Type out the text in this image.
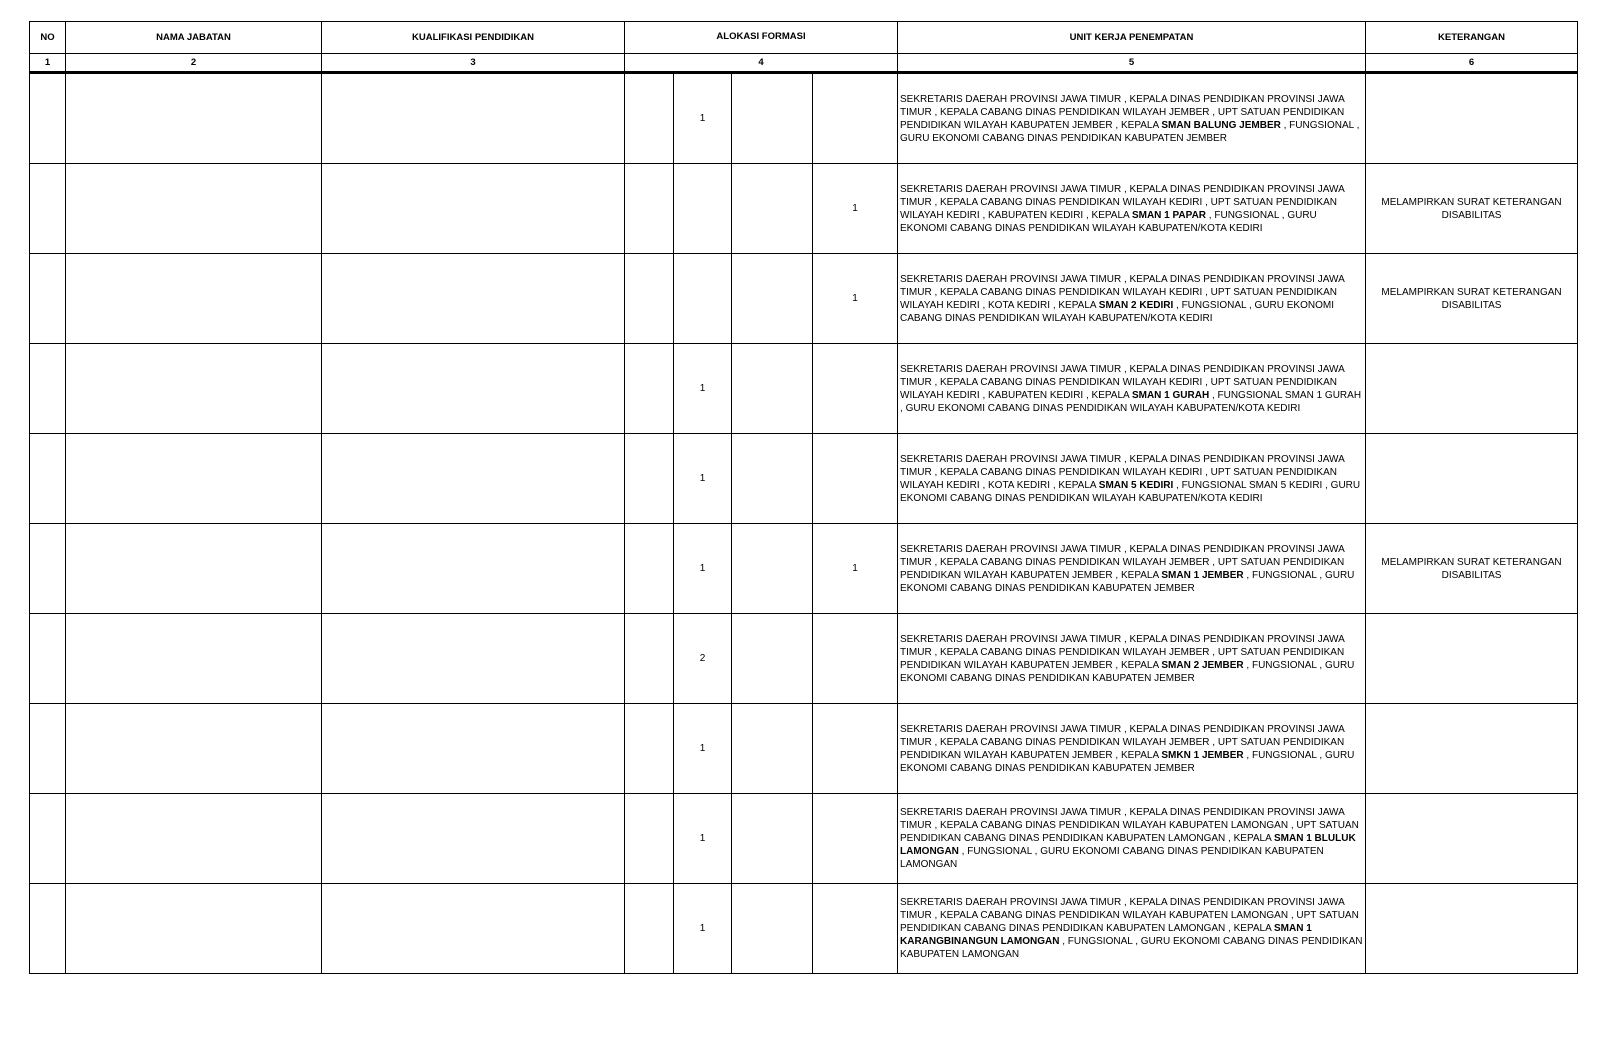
NO	NAMA JABATAN	KUALIFIKASI PENDIDIKAN	ALOKASI FORMASI				UNIT KERJA PENEMPATAN	KETERANGAN
1	2	3	4				5	6
				1			SEKRETARIS DAERAH PROVINSI JAWA TIMUR , KEPALA DINAS PENDIDIKAN PROVINSI JAWA TIMUR , KEPALA CABANG DINAS PENDIDIKAN WILAYAH JEMBER , UPT SATUAN PENDIDIKAN PENDIDIKAN WILAYAH KABUPATEN JEMBER , KEPALA SMAN BALUNG JEMBER , FUNGSIONAL , GURU EKONOMI CABANG DINAS PENDIDIKAN KABUPATEN JEMBER	
						1	SEKRETARIS DAERAH PROVINSI JAWA TIMUR , KEPALA DINAS PENDIDIKAN PROVINSI JAWA TIMUR , KEPALA CABANG DINAS PENDIDIKAN WILAYAH KEDIRI , UPT SATUAN PENDIDIKAN WILAYAH KEDIRI , KABUPATEN KEDIRI , KEPALA SMAN 1 PAPAR , FUNGSIONAL , GURU EKONOMI CABANG DINAS PENDIDIKAN WILAYAH KABUPATEN/KOTA KEDIRI	MELAMPIRKAN SURAT KETERANGAN DISABILITAS
						1	SEKRETARIS DAERAH PROVINSI JAWA TIMUR , KEPALA DINAS PENDIDIKAN PROVINSI JAWA TIMUR , KEPALA CABANG DINAS PENDIDIKAN WILAYAH KEDIRI , UPT SATUAN PENDIDIKAN WILAYAH KEDIRI , KOTA KEDIRI , KEPALA SMAN 2 KEDIRI , FUNGSIONAL , GURU EKONOMI CABANG DINAS PENDIDIKAN WILAYAH KABUPATEN/KOTA KEDIRI	MELAMPIRKAN SURAT KETERANGAN DISABILITAS
				1			SEKRETARIS DAERAH PROVINSI JAWA TIMUR , KEPALA DINAS PENDIDIKAN PROVINSI JAWA TIMUR , KEPALA CABANG DINAS PENDIDIKAN WILAYAH KEDIRI , UPT SATUAN PENDIDIKAN WILAYAH KEDIRI , KABUPATEN KEDIRI , KEPALA SMAN 1 GURAH , FUNGSIONAL SMAN 1 GURAH , GURU EKONOMI CABANG DINAS PENDIDIKAN WILAYAH KABUPATEN/KOTA KEDIRI	
				1			SEKRETARIS DAERAH PROVINSI JAWA TIMUR , KEPALA DINAS PENDIDIKAN PROVINSI JAWA TIMUR , KEPALA CABANG DINAS PENDIDIKAN WILAYAH KEDIRI , UPT SATUAN PENDIDIKAN WILAYAH KEDIRI , KOTA KEDIRI , KEPALA SMAN 5 KEDIRI , FUNGSIONAL SMAN 5 KEDIRI , GURU EKONOMI CABANG DINAS PENDIDIKAN WILAYAH KABUPATEN/KOTA KEDIRI	
				1		1	SEKRETARIS DAERAH PROVINSI JAWA TIMUR , KEPALA DINAS PENDIDIKAN PROVINSI JAWA TIMUR , KEPALA CABANG DINAS PENDIDIKAN WILAYAH JEMBER , UPT SATUAN PENDIDIKAN PENDIDIKAN WILAYAH KABUPATEN JEMBER , KEPALA SMAN 1 JEMBER , FUNGSIONAL , GURU EKONOMI CABANG DINAS PENDIDIKAN KABUPATEN JEMBER	MELAMPIRKAN SURAT KETERANGAN DISABILITAS
				2			SEKRETARIS DAERAH PROVINSI JAWA TIMUR , KEPALA DINAS PENDIDIKAN PROVINSI JAWA TIMUR , KEPALA CABANG DINAS PENDIDIKAN WILAYAH JEMBER , UPT SATUAN PENDIDIKAN PENDIDIKAN WILAYAH KABUPATEN JEMBER , KEPALA SMAN 2 JEMBER , FUNGSIONAL , GURU EKONOMI CABANG DINAS PENDIDIKAN KABUPATEN JEMBER	
				1			SEKRETARIS DAERAH PROVINSI JAWA TIMUR , KEPALA DINAS PENDIDIKAN PROVINSI JAWA TIMUR , KEPALA CABANG DINAS PENDIDIKAN WILAYAH JEMBER , UPT SATUAN PENDIDIKAN PENDIDIKAN WILAYAH KABUPATEN JEMBER , KEPALA SMKN 1 JEMBER , FUNGSIONAL , GURU EKONOMI CABANG DINAS PENDIDIKAN KABUPATEN JEMBER	
				1			SEKRETARIS DAERAH PROVINSI JAWA TIMUR , KEPALA DINAS PENDIDIKAN PROVINSI JAWA TIMUR , KEPALA CABANG DINAS PENDIDIKAN WILAYAH KABUPATEN LAMONGAN , UPT SATUAN PENDIDIKAN CABANG DINAS PENDIDIKAN KABUPATEN LAMONGAN , KEPALA SMAN 1 BLULUK LAMONGAN , FUNGSIONAL , GURU EKONOMI CABANG DINAS PENDIDIKAN KABUPATEN LAMONGAN	
				1			SEKRETARIS DAERAH PROVINSI JAWA TIMUR , KEPALA DINAS PENDIDIKAN PROVINSI JAWA TIMUR , KEPALA CABANG DINAS PENDIDIKAN WILAYAH KABUPATEN LAMONGAN , UPT SATUAN PENDIDIKAN CABANG DINAS PENDIDIKAN KABUPATEN LAMONGAN , KEPALA SMAN 1 KARANGBINANGUN LAMONGAN , FUNGSIONAL , GURU EKONOMI CABANG DINAS PENDIDIKAN KABUPATEN LAMONGAN	
